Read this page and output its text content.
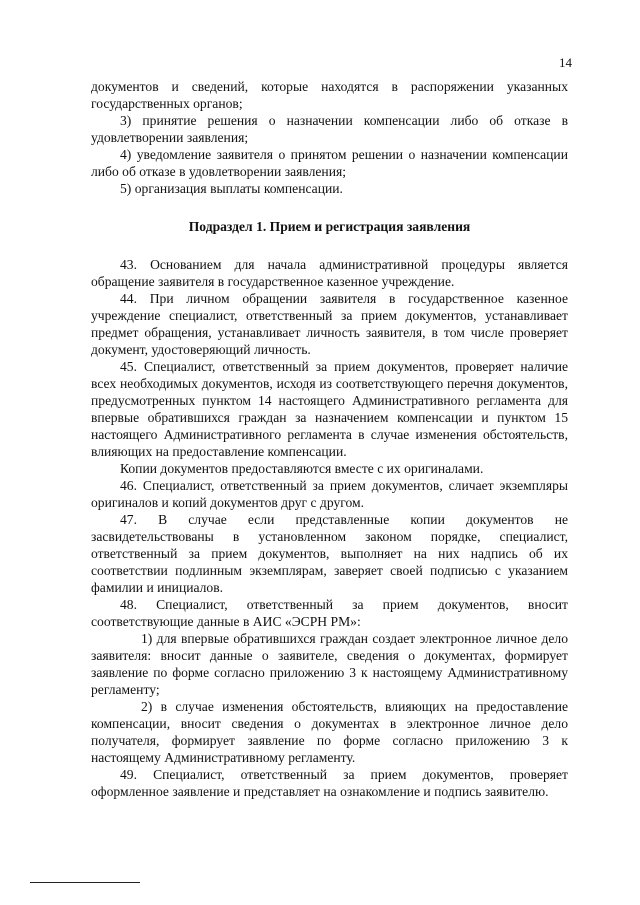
14

документов и сведений, которые находятся в распоряжении указанных государственных органов;

3) принятие решения о назначении компенсации либо об отказе в удовлетворении заявления;

4) уведомление заявителя о принятом решении о назначении компенсации либо об отказе в удовлетворении заявления;

5) организация выплаты компенсации.

Подраздел 1. Прием и регистрация заявления

43. Основанием для начала административной процедуры является обращение заявителя в государственное казенное учреждение.

44. При личном обращении заявителя в государственное казенное учреждение специалист, ответственный за прием документов, устанавливает предмет обращения, устанавливает личность заявителя, в том числе проверяет документ, удостоверяющий личность.

45. Специалист, ответственный за прием документов, проверяет наличие всех необходимых документов, исходя из соответствующего перечня документов, предусмотренных пунктом 14 настоящего Административного регламента для впервые обратившихся граждан за назначением компенсации и пунктом 15 настоящего Административного регламента в случае изменения обстоятельств, влияющих на предоставление компенсации.

Копии документов предоставляются вместе с их оригиналами.

46. Специалист, ответственный за прием документов, сличает экземпляры оригиналов и копий документов друг с другом.

47. В случае если представленные копии документов не засвидетельствованы в установленном законом порядке, специалист, ответственный за прием документов, выполняет на них надпись об их соответствии подлинным экземплярам, заверяет своей подписью с указанием фамилии и инициалов.

48. Специалист, ответственный за прием документов, вносит соответствующие данные в АИС «ЭСРН РМ»:

1) для впервые обратившихся граждан создает электронное личное дело заявителя: вносит данные о заявителе, сведения о документах, формирует заявление по форме согласно приложению 3 к настоящему Административному регламенту;

2) в случае изменения обстоятельств, влияющих на предоставление компенсации, вносит сведения о документах в электронное личное дело получателя, формирует заявление по форме согласно приложению 3 к настоящему Административному регламенту.

49. Специалист, ответственный за прием документов, проверяет оформленное заявление и представляет на ознакомление и подпись заявителю.
